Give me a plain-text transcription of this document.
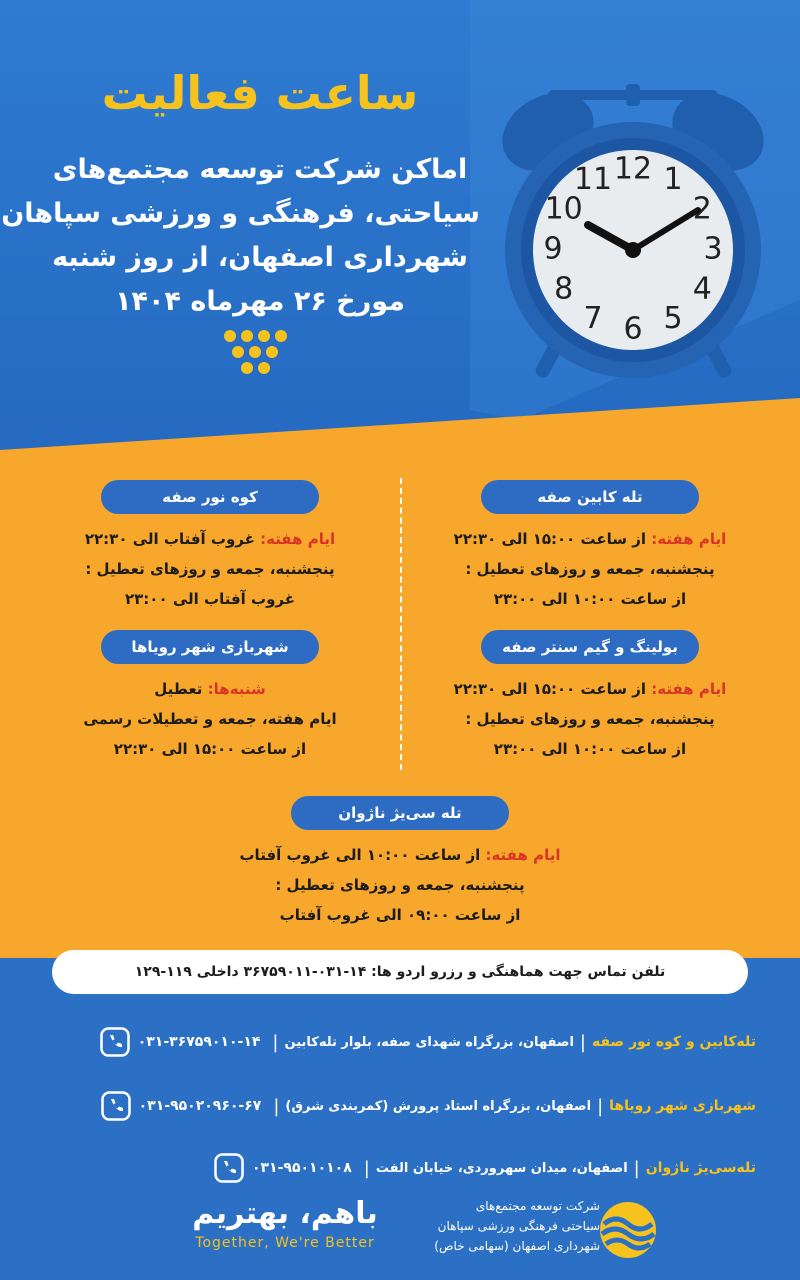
ساعت فعالیت
اماکن شرکت توسعه مجتمع‌های
سیاحتی، فرهنگی و ورزشی سپاهان
شهرداری اصفهان، از روز شنبه
مورخ ۲۶ مهرماه ۱۴۰۴
12 1
2
3
4
5
6
7
8
9
10
11
تله کابین صفه
ایام هفته: از ساعت ۱۵:۰۰ الی ۲۲:۳۰
پنجشنبه، جمعه و روزهای تعطیل :
از ساعت ۱۰:۰۰ الی ۲۳:۰۰
بولینگ و گیم سنتر صفه
ایام هفته: از ساعت ۱۵:۰۰ الی ۲۲:۳۰
پنجشنبه، جمعه و روزهای تعطیل :
از ساعت ۱۰:۰۰ الی ۲۳:۰۰
کوه نور صفه
ایام هفته: غروب آفتاب الی ۲۲:۳۰
پنجشنبه، جمعه و روزهای تعطیل :
غروب آفتاب الی ۲۳:۰۰
شهربازی شهر رویاها
شنبه‌ها: تعطیل
ایام هفته، جمعه و تعطیلات رسمی
از ساعت ۱۵:۰۰ الی ۲۲:۳۰
تله سی‌یژ ناژوان
ایام هفته: از ساعت ۱۰:۰۰ الی غروب آفتاب
پنجشنبه، جمعه و روزهای تعطیل :
از ساعت ۰۹:۰۰ الی غروب آفتاب
تلفن تماس جهت هماهنگی و رزرو اردو ها: ۱۴-۰۳۱-۳۶۷۵۹۰۱۱ داخلی ۱۱۹-۱۲۹
تله‌کابین و کوه نور صفه
|
اصفهان، بزرگراه شهدای صفه، بلوار تله‌کابین
|
۰۳۱-۳۶۷۵۹۰۱۰-۱۴
شهربازی شهر رویاها
|
اصفهان، بزرگراه استاد پرورش (کمربندی شرق)
|
۰۳۱-۹۵۰۲۰۹۶۰-۶۷
تله‌سی‌یژ ناژوان
|
اصفهان، میدان سهروردی، خیابان الفت
|
۰۳۱-۹۵۰۱۰۱۰۸
باهم، بهتریم
Together, We're Better
شرکت توسعه مجتمع‌های
سیاحتی فرهنگی ورزشی سپاهان
شهرداری اصفهان (سهامی خاص)
